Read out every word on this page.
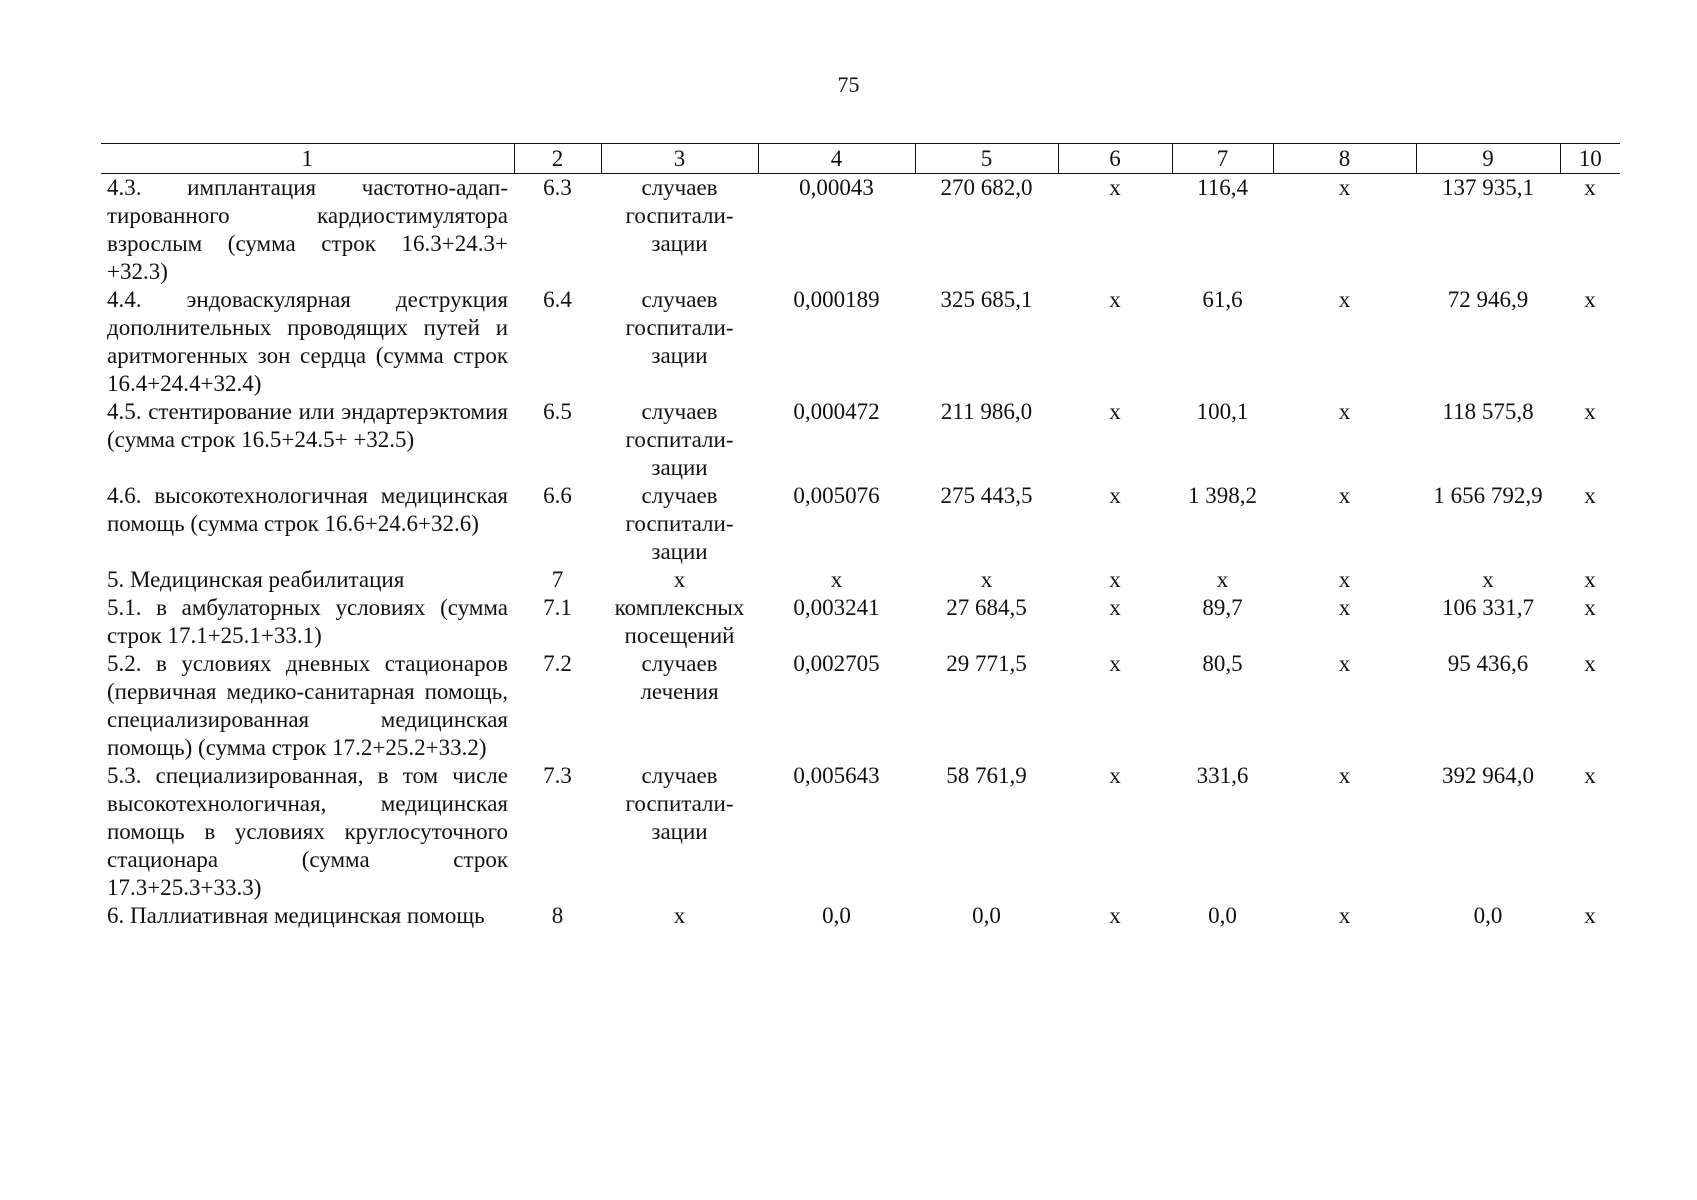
75
1	2	3	4	5	6	7	8	9	10
4.3. имплантация частотно-адаптированного кардиостимулятора взрослым (сумма строк 16.3+24.3+ +32.3)	6.3	случаев госпитализации	0,00043	270 682,0	х	116,4	х	137 935,1	х
4.4. эндоваскулярная деструкция дополнительных проводящих путей и аритмогенных зон сердца (сумма строк 16.4+24.4+32.4)	6.4	случаев госпитализации	0,000189	325 685,1	х	61,6	х	72 946,9	х
4.5. стентирование или эндартерэктомия (сумма строк 16.5+24.5+ +32.5)	6.5	случаев госпитализации	0,000472	211 986,0	х	100,1	х	118 575,8	х
4.6. высокотехнологичная медицинская помощь (сумма строк 16.6+24.6+32.6)	6.6	случаев госпитализации	0,005076	275 443,5	х	1 398,2	х	1 656 792,9	х
5. Медицинская реабилитация	7	х	х	х	х	х	х	х	х
5.1. в амбулаторных условиях (сумма строк 17.1+25.1+33.1)	7.1	комплексных посещений	0,003241	27 684,5	х	89,7	х	106 331,7	х
5.2. в условиях дневных стационаров (первичная медико-санитарная помощь, специализированная медицинская помощь) (сумма строк 17.2+25.2+33.2)	7.2	случаев лечения	0,002705	29 771,5	х	80,5	х	95 436,6	х
5.3. специализированная, в том числе высокотехнологичная, медицинская помощь в условиях круглосуточного стационара (сумма строк 17.3+25.3+33.3)	7.3	случаев госпитализации	0,005643	58 761,9	х	331,6	х	392 964,0	х
6. Паллиативная медицинская помощь	8	х	0,0	0,0	х	0,0	х	0,0	х
